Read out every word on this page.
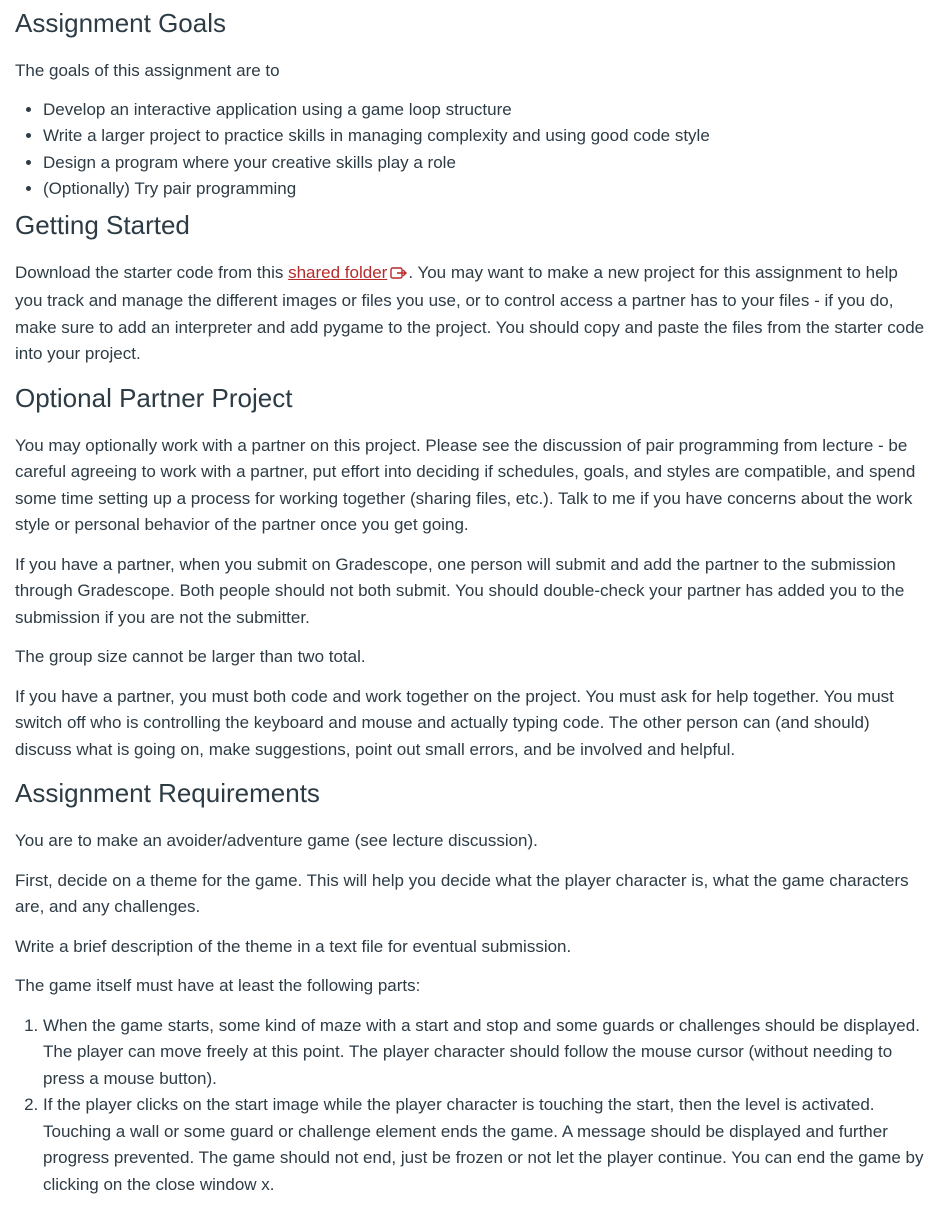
Assignment Goals

The goals of this assignment are to

• Develop an interactive application using a game loop structure
• Write a larger project to practice skills in managing complexity and using good code style
• Design a program where your creative skills play a role
• (Optionally) Try pair programming
Getting Started

Download the starter code from this shared folder . You may want to make a new project for this assignment to help you track and manage the different images or files you use, or to control access a partner has to your files - if you do, make sure to add an interpreter and add pygame to the project. You should copy and paste the files from the starter code into your project.

Optional Partner Project

You may optionally work with a partner on this project. Please see the discussion of pair programming from lecture - be careful agreeing to work with a partner, put effort into deciding if schedules, goals, and styles are compatible, and spend some time setting up a process for working together (sharing files, etc.). Talk to me if you have concerns about the work style or personal behavior of the partner once you get going.

If you have a partner, when you submit on Gradescope, one person will submit and add the partner to the submission through Gradescope. Both people should not both submit. You should double-check your partner has added you to the submission if you are not the submitter.

The group size cannot be larger than two total.

If you have a partner, you must both code and work together on the project. You must ask for help together. You must switch off who is controlling the keyboard and mouse and actually typing code. The other person can (and should) discuss what is going on, make suggestions, point out small errors, and be involved and helpful.

Assignment Requirements

You are to make an avoider/adventure game (see lecture discussion).

First, decide on a theme for the game. This will help you decide what the player character is, what the game characters are, and any challenges.

Write a brief description of the theme in a text file for eventual submission.

The game itself must have at least the following parts:

1. When the game starts, some kind of maze with a start and stop and some guards or challenges should be displayed. The player can move freely at this point. The player character should follow the mouse cursor (without needing to press a mouse button).
2. If the player clicks on the start image while the player character is touching the start, then the level is activated. Touching a wall or some guard or challenge element ends the game. A message should be displayed and further progress prevented. The game should not end, just be frozen or not let the player continue. You can end the game by clicking on the close window x.
